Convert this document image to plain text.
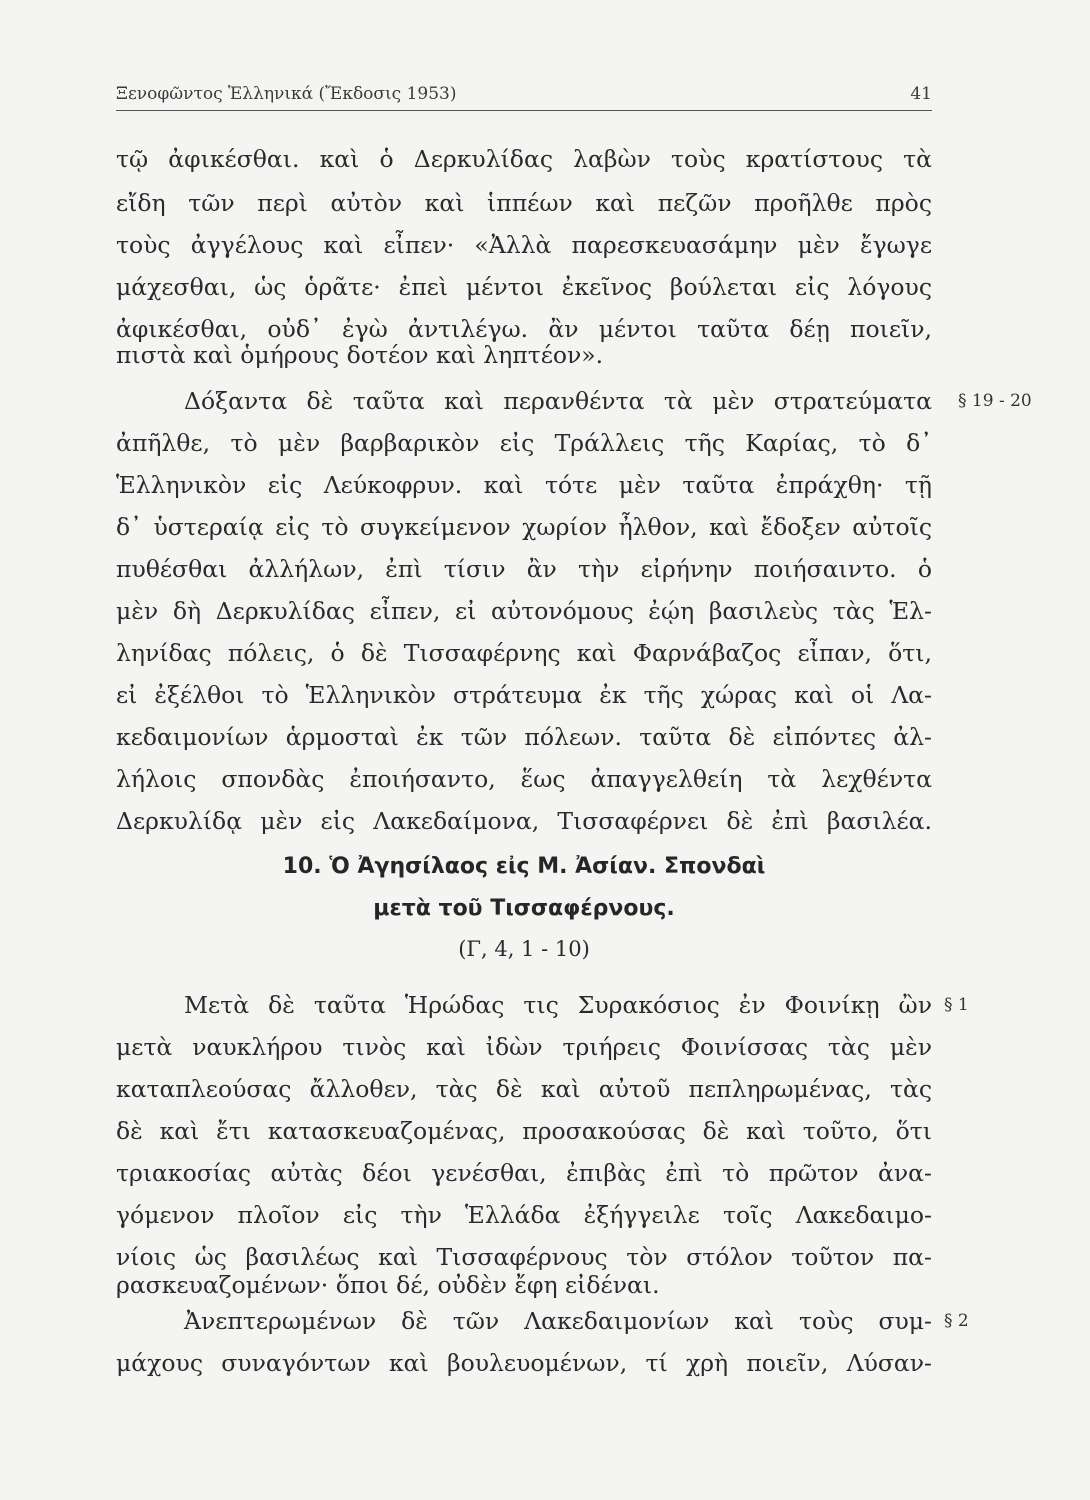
Ξενοφῶντος Ἑλληνικά (Ἔκδοσις 1953)	41
τῷ ἀφικέσθαι. καὶ ὁ Δερκυλίδας λαβὼν τοὺς κρατίστους τὰ
εἴδη τῶν περὶ αὐτὸν καὶ ἱππέων καὶ πεζῶν προῆλθε πρὸς
τοὺς ἀγγέλους καὶ εἶπεν· «Ἀλλὰ παρεσκευασάμην μὲν ἔγωγε
μάχεσθαι, ὡς ὁρᾶτε· ἐπεὶ μέντοι ἐκεῖνος βούλεται εἰς λόγους
ἀφικέσθαι, οὐδ᾽ ἐγὼ ἀντιλέγω. ἂν μέντοι ταῦτα δέῃ ποιεῖν,
πιστὰ καὶ ὁμήρους δοτέον καὶ ληπτέον».
Δόξαντα δὲ ταῦτα καὶ περανθέντα τὰ μὲν στρατεύματα § 19 - 20
ἀπῆλθε, τὸ μὲν βαρβαρικὸν εἰς Τράλλεις τῆς Καρίας, τὸ δ᾽
Ἑλληνικὸν εἰς Λεύκοφρυν. καὶ τότε μὲν ταῦτα ἐπράχθη· τῇ
δ᾽ ὑστεραίᾳ εἰς τὸ συγκείμενον χωρίον ἦλθον, καὶ ἔδοξεν αὐτοῖς
πυθέσθαι ἀλλήλων, ἐπὶ τίσιν ἂν τὴν εἰρήνην ποιήσαιντο. ὁ
μὲν δὴ Δερκυλίδας εἶπεν, εἰ αὐτονόμους ἐῴη βασιλεὺς τὰς Ἑλ-
ληνίδας πόλεις, ὁ δὲ Τισσαφέρνης καὶ Φαρνάβαζος εἶπαν, ὅτι,
εἰ ἐξέλθοι τὸ Ἑλληνικὸν στράτευμα ἐκ τῆς χώρας καὶ οἱ Λα-
κεδαιμονίων ἁρμοσταὶ ἐκ τῶν πόλεων. ταῦτα δὲ εἰπόντες ἀλ-
λήλοις σπονδὰς ἐποιήσαντο, ἕως ἀπαγγελθείη τὰ λεχθέντα
Δερκυλίδᾳ μὲν εἰς Λακεδαίμονα, Τισσαφέρνει δὲ ἐπὶ βασιλέα.
10. Ὁ Ἀγησίλαος εἰς Μ. Ἀσίαν. Σπονδαὶ
μετὰ τοῦ Τισσαφέρνους.
(Γ, 4, 1 - 10)
Μετὰ δὲ ταῦτα Ἡρώδας τις Συρακόσιος ἐν Φοινίκῃ ὢν § 1
μετὰ ναυκλήρου τινὸς καὶ ἰδὼν τριήρεις Φοινίσσας τὰς μὲν
καταπλεούσας ἄλλοθεν, τὰς δὲ καὶ αὐτοῦ πεπληρωμένας, τὰς
δὲ καὶ ἔτι κατασκευαζομένας, προσακούσας δὲ καὶ τοῦτο, ὅτι
τριακοσίας αὐτὰς δέοι γενέσθαι, ἐπιβὰς ἐπὶ τὸ πρῶτον ἀνα-
γόμενον πλοῖον εἰς τὴν Ἑλλάδα ἐξήγγειλε τοῖς Λακεδαιμο-
νίοις ὡς βασιλέως καὶ Τισσαφέρνους τὸν στόλον τοῦτον πα-
ρασκευαζομένων· ὅποι δέ, οὐδὲν ἔφη εἰδέναι.
Ἀνεπτερωμένων δὲ τῶν Λακεδαιμονίων καὶ τοὺς συμ- § 2
μάχους συναγόντων καὶ βουλευομένων, τί χρὴ ποιεῖν, Λύσαν-
